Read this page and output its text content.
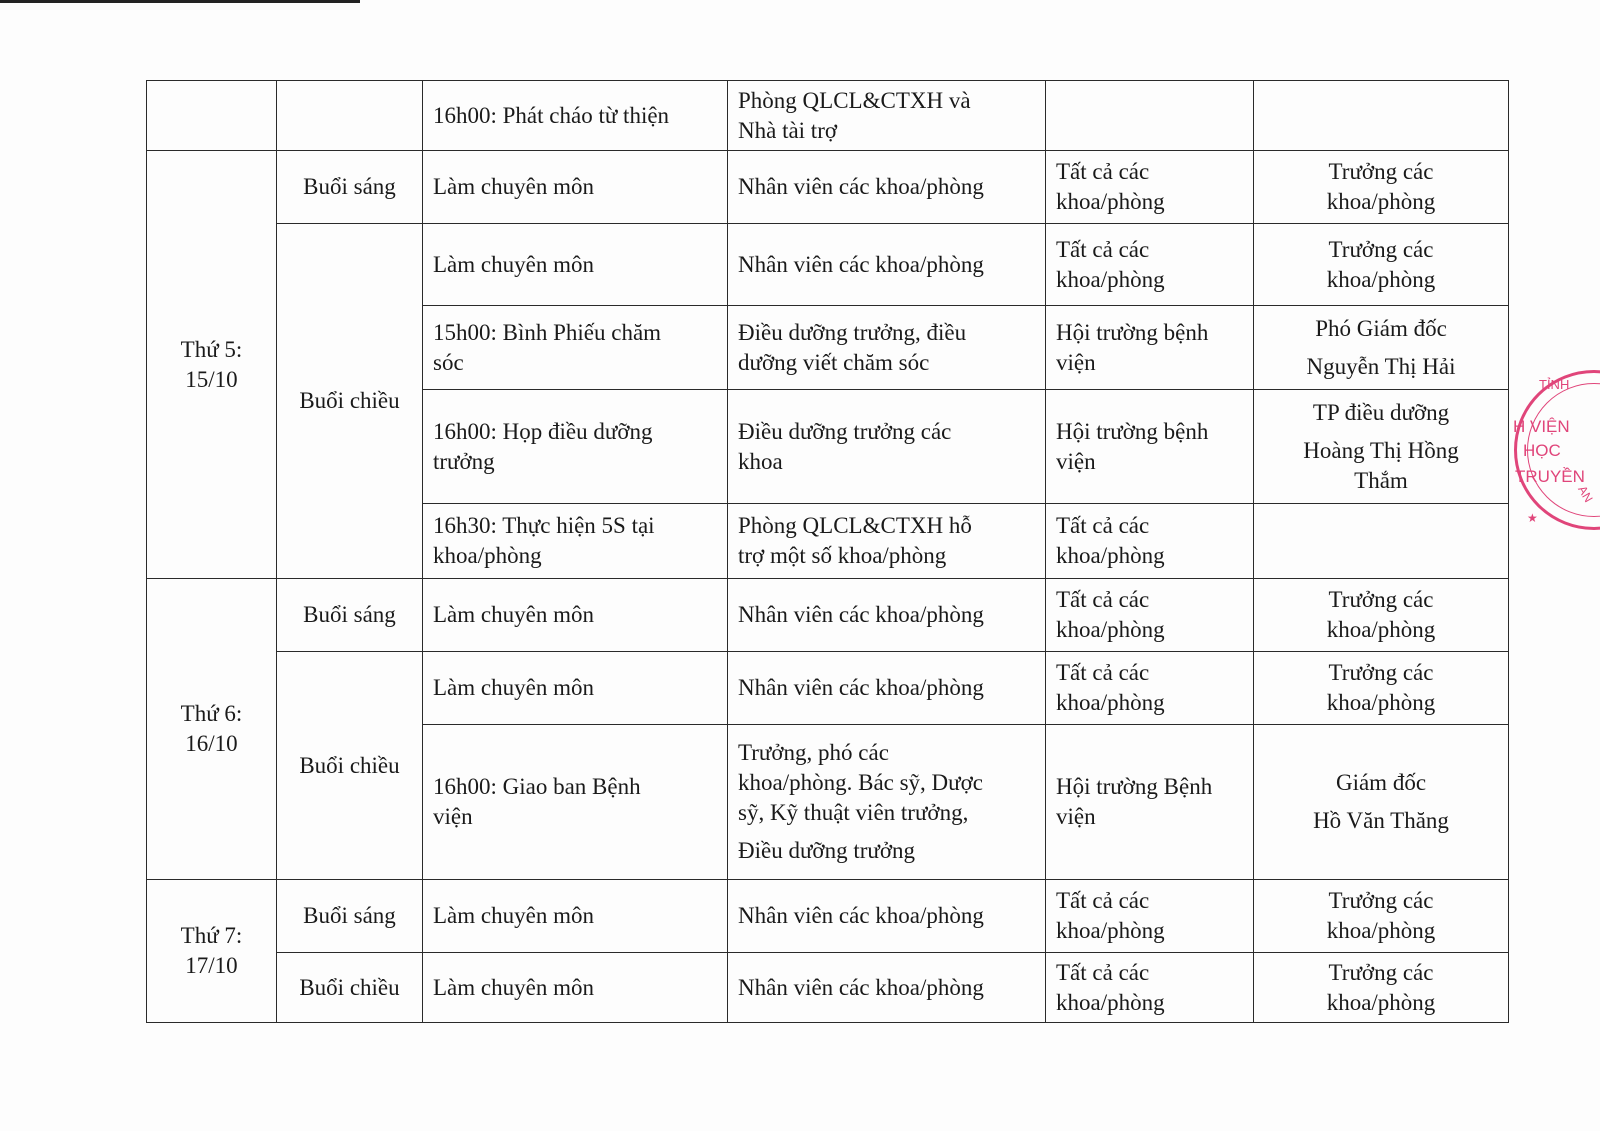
		16h00: Phát cháo từ thiện	Phòng QLCL&CTXH và
Nhà tài trợ		

Thứ 5:
15/10	Buổi sáng	Làm chuyên môn	Nhân viên các khoa/phòng	Tất cả các
khoa/phòng	Trưởng các
khoa/phòng

	Buổi chiều	Làm chuyên môn	Nhân viên các khoa/phòng	Tất cả các
khoa/phòng	Trưởng các
khoa/phòng

		15h00: Bình Phiếu chăm
sóc	Điều dưỡng trưởng, điều
dưỡng viết chăm sóc	Hội trường bệnh
viện	Phó Giám đốc
Nguyễn Thị Hải

		16h00: Họp điều dưỡng
trưởng	Điều dưỡng trưởng các
khoa	Hội trường bệnh
viện	TP điều dưỡng
Hoàng Thị Hồng
Thắm

		16h30: Thực hiện 5S tại
khoa/phòng	Phòng QLCL&CTXH hỗ
trợ một số khoa/phòng	Tất cả các
khoa/phòng	

Thứ 6:
16/10	Buổi sáng	Làm chuyên môn	Nhân viên các khoa/phòng	Tất cả các
khoa/phòng	Trưởng các
khoa/phòng

	Buổi chiều	Làm chuyên môn	Nhân viên các khoa/phòng	Tất cả các
khoa/phòng	Trưởng các
khoa/phòng

		16h00: Giao ban Bệnh
viện	Trưởng, phó các
khoa/phòng. Bác sỹ, Dược
sỹ, Kỹ thuật viên trưởng,
Điều dưỡng trưởng	Hội trường Bệnh
viện	Giám đốc
Hồ Văn Thăng

Thứ 7:
17/10	Buổi sáng	Làm chuyên môn	Nhân viên các khoa/phòng	Tất cả các
khoa/phòng	Trưởng các
khoa/phòng

	Buổi chiều	Làm chuyên môn	Nhân viên các khoa/phòng	Tất cả các
khoa/phòng	Trưởng các
khoa/phòng
TỈNH
H VIỆN
HỌC
TRUYỀN
AN
★
